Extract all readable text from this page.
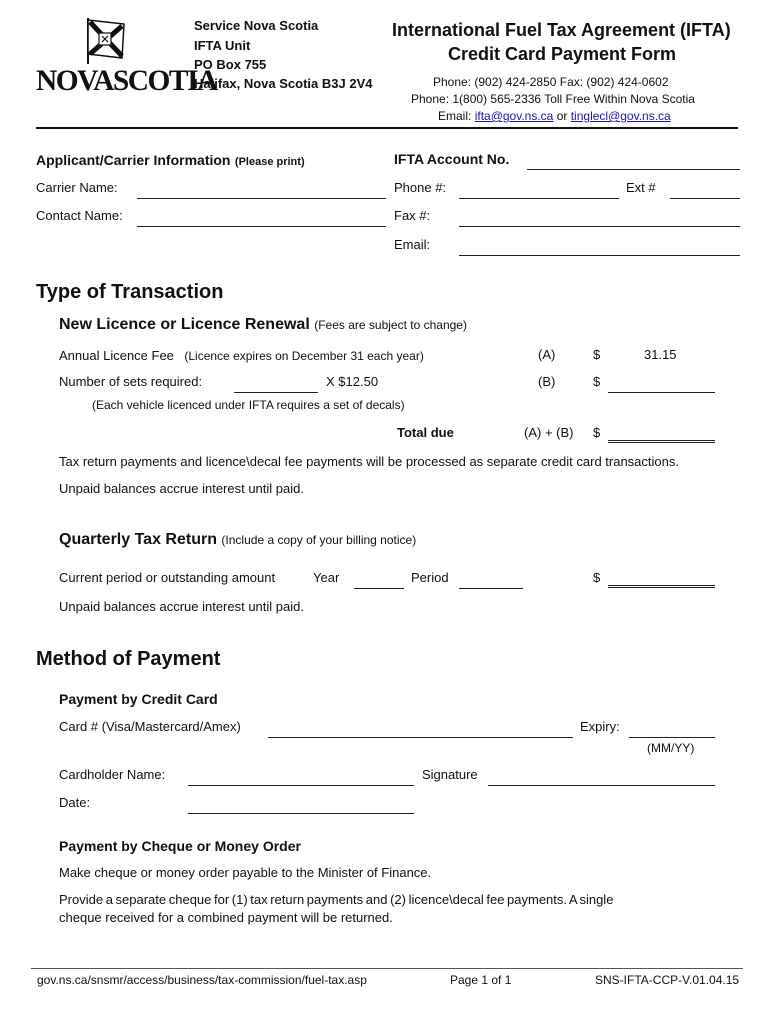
NOVASCOTIA
Service Nova Scotia
IFTA Unit
PO Box 755
Halifax, Nova Scotia B3J 2V4
International Fuel Tax Agreement (IFTA)
Credit Card Payment Form
Phone: (902) 424-2850 Fax: (902) 424-0602
Phone: 1(800) 565-2336 Toll Free Within Nova Scotia
Email: ifta@gov.ns.ca or tinglecl@gov.ns.ca
Applicant/Carrier Information (Please print)	IFTA Account No.
Carrier Name:	Phone #:	Ext #
Contact Name:	Fax #:
Email:
Type of Transaction
New Licence or Licence Renewal (Fees are subject to change)
Annual Licence Fee (Licence expires on December 31 each year)	(A)	$	31.15
Number of sets required:	X $12.50	(B)	$
(Each vehicle licenced under IFTA requires a set of decals)
Total due	(A) + (B) $
Tax return payments and licence\decal fee payments will be processed as separate credit card transactions.
Unpaid balances accrue interest until paid.
Quarterly Tax Return (Include a copy of your billing notice)
Current period or outstanding amount	Year	Period	$
Unpaid balances accrue interest until paid.
Method of Payment
Payment by Credit Card
Card # (Visa/Mastercard/Amex)	Expiry:
(MM/YY)
Cardholder Name:	Signature
Date:
Payment by Cheque or Money Order
Make cheque or money order payable to the Minister of Finance.
Provide a separate cheque for (1) tax return payments and (2) licence\decal fee payments. A single
cheque received for a combined payment will be returned.
gov.ns.ca/snsmr/access/business/tax-commission/fuel-tax.asp	Page 1 of 1	SNS-IFTA-CCP-V.01.04.15
